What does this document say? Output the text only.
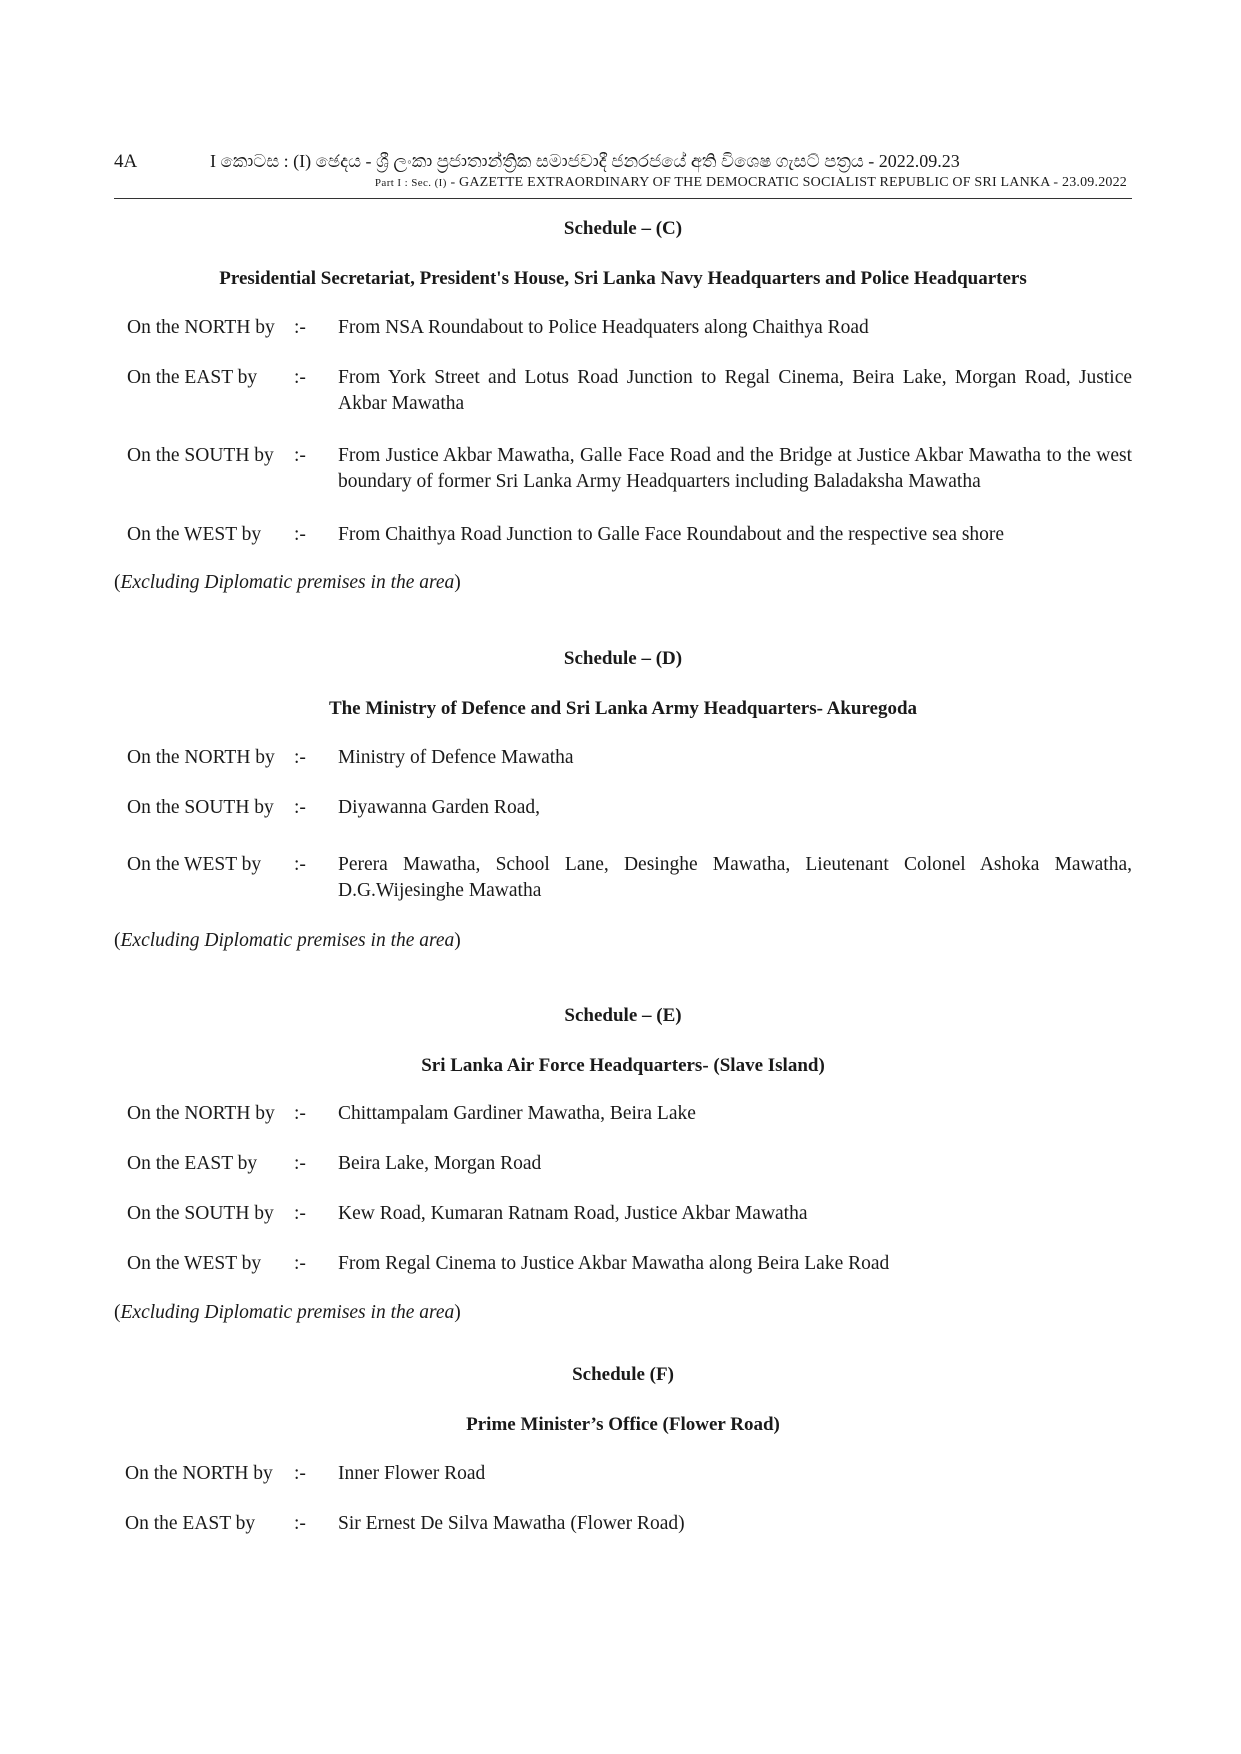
4A	I කොටස : (I) ඡෙදය - ශ්‍රී ලංකා ප්‍රජාතාන්ත්‍රික සමාජවාදී ජනරජයේ අති විශෙෂ ගැසට් පත්‍රය - 2022.09.23
Part I : Sec. (I) - GAZETTE EXTRAORDINARY OF THE DEMOCRATIC SOCIALIST REPUBLIC OF SRI LANKA - 23.09.2022
Schedule – (C)
Presidential Secretariat, President's House, Sri Lanka Navy Headquarters and Police Headquarters
On the NORTH by :- From NSA Roundabout to Police Headquaters along Chaithya Road
On the EAST by :- From York Street and Lotus Road Junction to Regal Cinema, Beira Lake, Morgan Road, Justice Akbar Mawatha
On the SOUTH by :- From Justice Akbar Mawatha, Galle Face Road and the Bridge at Justice Akbar Mawatha to the west boundary of former Sri Lanka Army Headquarters including Baladaksha Mawatha
On the WEST by :- From Chaithya Road Junction to Galle Face Roundabout and the respective sea shore
(Excluding Diplomatic premises in the area)
Schedule – (D)
The Ministry of Defence and Sri Lanka Army Headquarters- Akuregoda
On the NORTH by :- Ministry of Defence Mawatha
On the SOUTH by :- Diyawanna Garden Road,
On the WEST by :- Perera Mawatha, School Lane, Desinghe Mawatha, Lieutenant Colonel Ashoka Mawatha, D.G.Wijesinghe Mawatha
(Excluding Diplomatic premises in the area)
Schedule – (E)
Sri Lanka Air Force Headquarters- (Slave Island)
On the NORTH by :- Chittampalam Gardiner Mawatha, Beira Lake
On the EAST by :- Beira Lake, Morgan Road
On the SOUTH by :- Kew Road, Kumaran Ratnam Road, Justice Akbar Mawatha
On the WEST by :- From Regal Cinema to Justice Akbar Mawatha along Beira Lake Road
(Excluding Diplomatic premises in the area)
Schedule (F)
Prime Minister’s Office (Flower Road)
On the NORTH by :- Inner Flower Road
On the EAST by :- Sir Ernest De Silva Mawatha (Flower Road)
